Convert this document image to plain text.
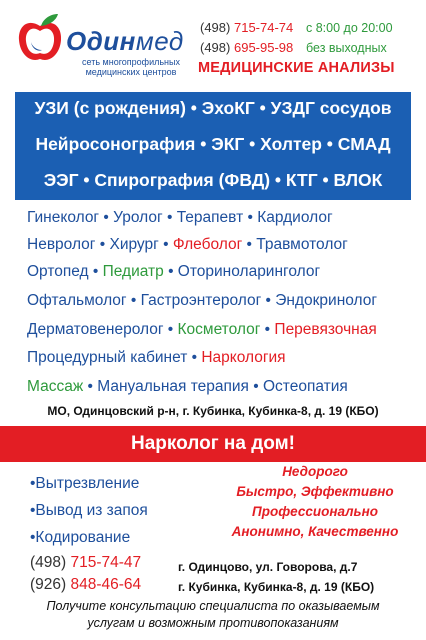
Одинмед
сеть многопрофильных медицинских центров
(498) 715-74-74
(498) 695-95-98
с 8:00 до 20:00
без выходных
МЕДИЦИНСКИЕ АНАЛИЗЫ
УЗИ (с рождения) • ЭхоКГ • УЗДГ сосудов
Нейросонография • ЭКГ • Холтер • СМАД
ЭЭГ • Спирография (ФВД) • КТГ • ВЛОК
Гинеколог • Уролог • Терапевт • Кардиолог
Невролог • Хирург • Флеболог • Травмотолог
Ортопед • Педиатр • Оториноларинголог
Офтальмолог • Гастроэнтеролог • Эндокринолог
Дерматовенеролог • Косметолог • Перевязочная
Процедурный кабинет • Наркология
Массаж • Мануальная терапия • Остеопатия
МО, Одинцовский р-н, г. Кубинка, Кубинка-8, д. 19 (КБО)
Нарколог на дом!
•Вытрезвление
•Вывод из запоя
•Кодирование
Недорого
Быстро, Эффективно
Профессионально
Анонимно, Качественно
(498) 715-74-47
(926) 848-46-64
г. Одинцово, ул. Говорова, д.7
г. Кубинка, Кубинка-8, д. 19 (КБО)
Получите консультацию специалиста по оказываемым
услугам и возможным противопоказаниям
